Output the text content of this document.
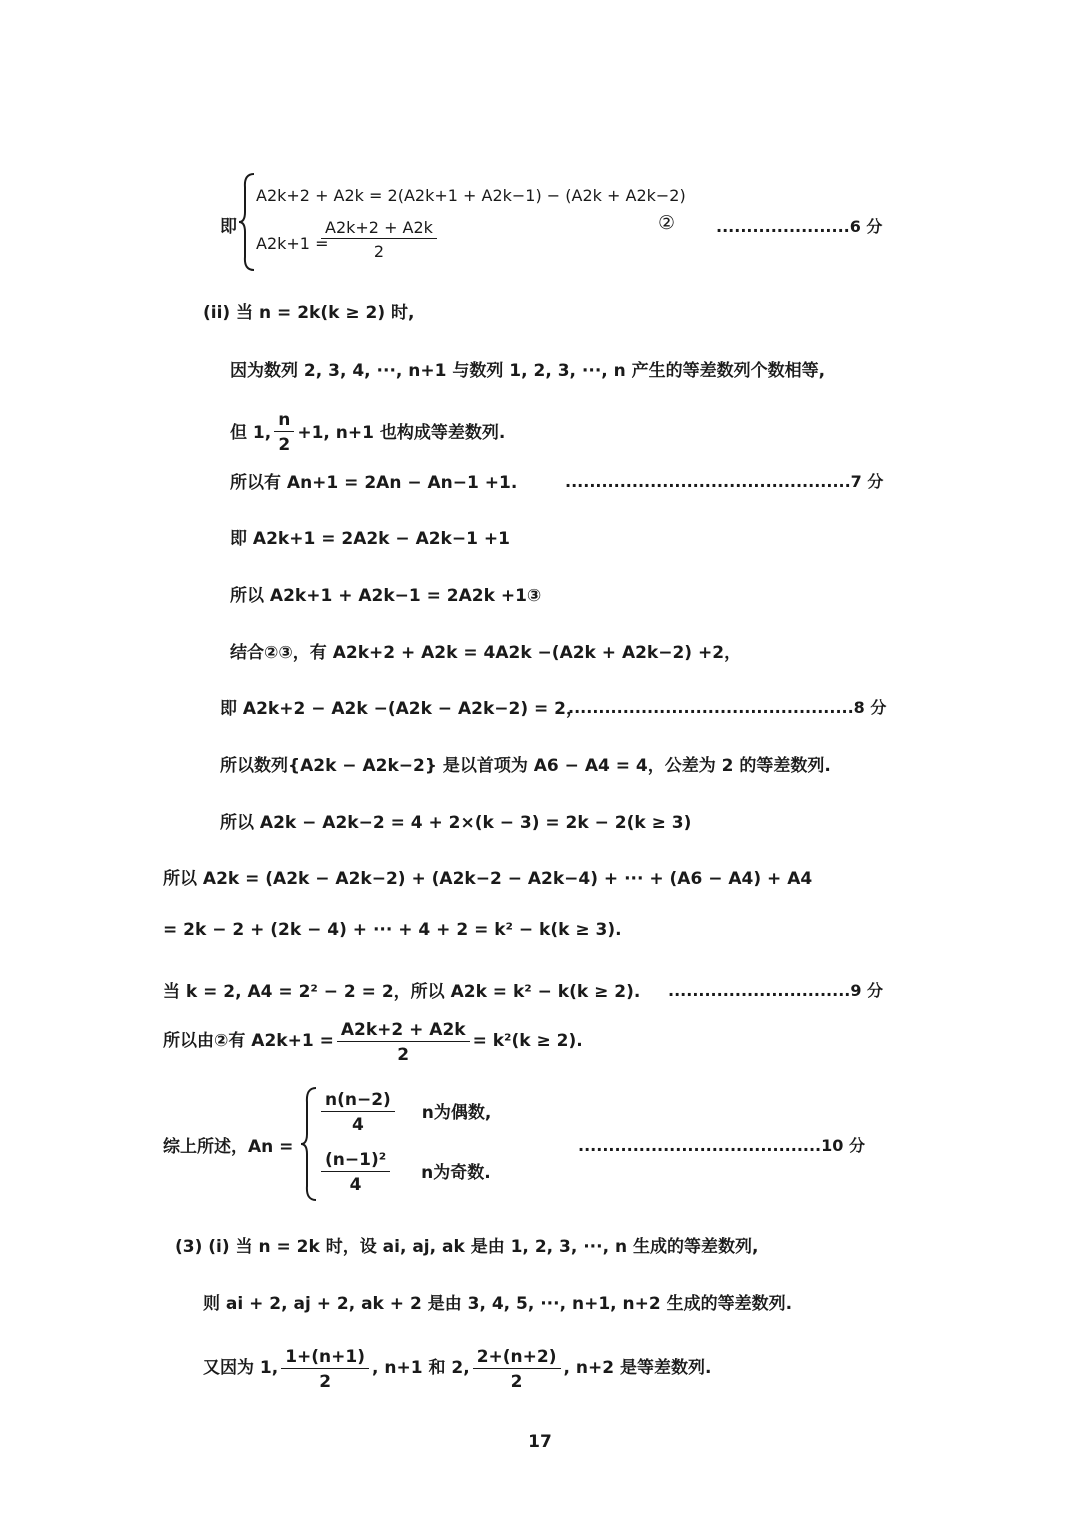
即
A2k+2 + A2k = 2(A2k+1 + A2k−1) − (A2k + A2k−2)
A2k+1 =
$\frac{A2k+2 + A2k}{2}$	②	......................6 分
(ii) 当 n = 2k(k ≥ 2) 时,
因为数列 2, 3, 4, ···, n+1 与数列 1, 2, 3, ···, n 产生的等差数列个数相等,
但 1, $\frac{n}{2} +1$, n+1 也构成等差数列.
所以有 An+1 = 2An − An−1 +1.	...............................................7 分
即 A2k+1 = 2A2k − A2k−1 +1
所以 A2k+1 + A2k−1 = 2A2k +1③
结合②③，有 A2k+2 + A2k = 4A2k −(A2k + A2k−2) +2，
即 A2k+2 − A2k −(A2k − A2k−2) = 2，
...............................................8 分
所以数列{A2k − A2k−2} 是以首项为 A6 − A4 = 4，公差为 2 的等差数列.
所以 A2k − A2k−2 = 4 + 2×(k − 3) = 2k − 2(k ≥ 3)
所以 A2k = (A2k − A2k−2) + (A2k−2 − A2k−4) + ··· + (A6 − A4) + A4
= 2k − 2 + (2k − 4) + ··· + 4 + 2 = k² − k(k ≥ 3).
当 k = 2, A4 = 2² − 2 = 2，所以 A2k = k² − k(k ≥ 2). ..............................9 分
所以由②有 $A2k+1 = \frac{A2k+2 + A2k}{2} = k^2(k \ge 2)$.
综上所述，An =
$\frac{n(n-2)}{4}$ n为偶数,
$\frac{\text{(n−1)²}}{4}$ n为奇数.
........................................10 分
(3) (i) 当 n = 2k 时，设 ai, aj, ak 是由 1, 2, 3, ···, n 生成的等差数列,
则 ai + 2, aj + 2, ak + 2 是由 3, 4, 5, ···, n+1, n+2 生成的等差数列.
又因为 1, $\frac{1+(n+1)}{2}$ , n+1 和 2, $\frac{2+(n+2)}{2}$ , n+2 是等差数列.
17
